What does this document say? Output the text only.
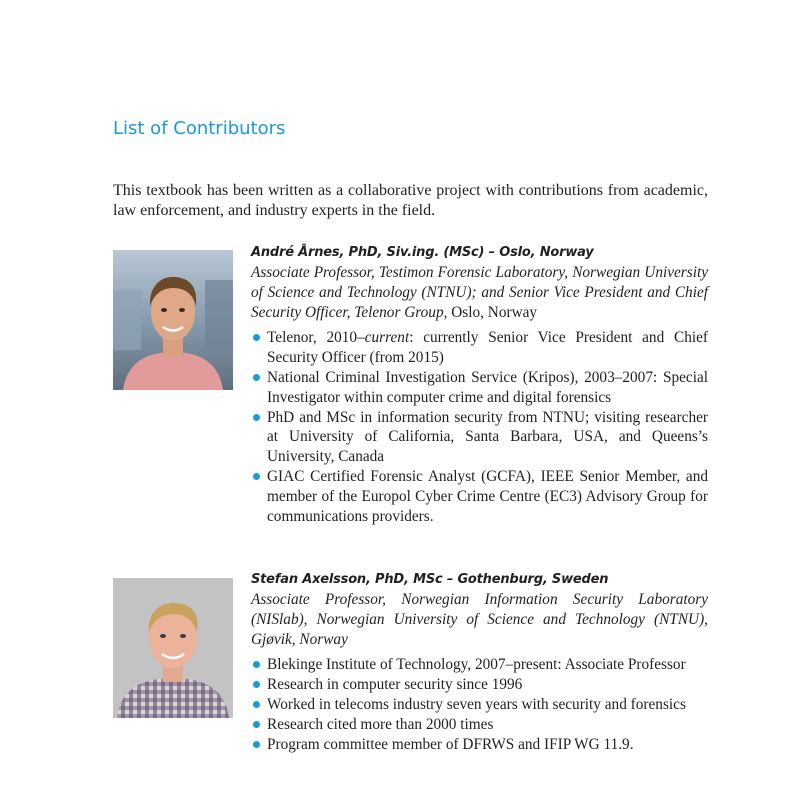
List of Contributors

This textbook has been written as a collaborative project with contributions from academic, law enforcement, and industry experts in the field.

André Årnes, PhD, Siv.ing. (MSc) – Oslo, Norway
Associate Professor, Testimon Forensic Laboratory, Norwegian University of Science and Technology (NTNU); and Senior Vice President and Chief Security Officer, Telenor Group, Oslo, Norway
Telenor, 2010–current: currently Senior Vice President and Chief Security Officer (from 2015)
National Criminal Investigation Service (Kripos), 2003–2007: Special Investigator within computer crime and digital forensics
PhD and MSc in information security from NTNU; visiting researcher at University of California, Santa Barbara, USA, and Queens’s University, Canada
GIAC Certified Forensic Analyst (GCFA), IEEE Senior Member, and member of the Europol Cyber Crime Centre (EC3) Advisory Group for communications providers.
Stefan Axelsson, PhD, MSc – Gothenburg, Sweden
Associate Professor, Norwegian Information Security Laboratory (NISlab), Norwegian University of Science and Technology (NTNU), Gjøvik, Norway
Blekinge Institute of Technology, 2007–present: Associate Professor
Research in computer security since 1996
Worked in telecoms industry seven years with security and forensics
Research cited more than 2000 times
Program committee member of DFRWS and IFIP WG 11.9.
